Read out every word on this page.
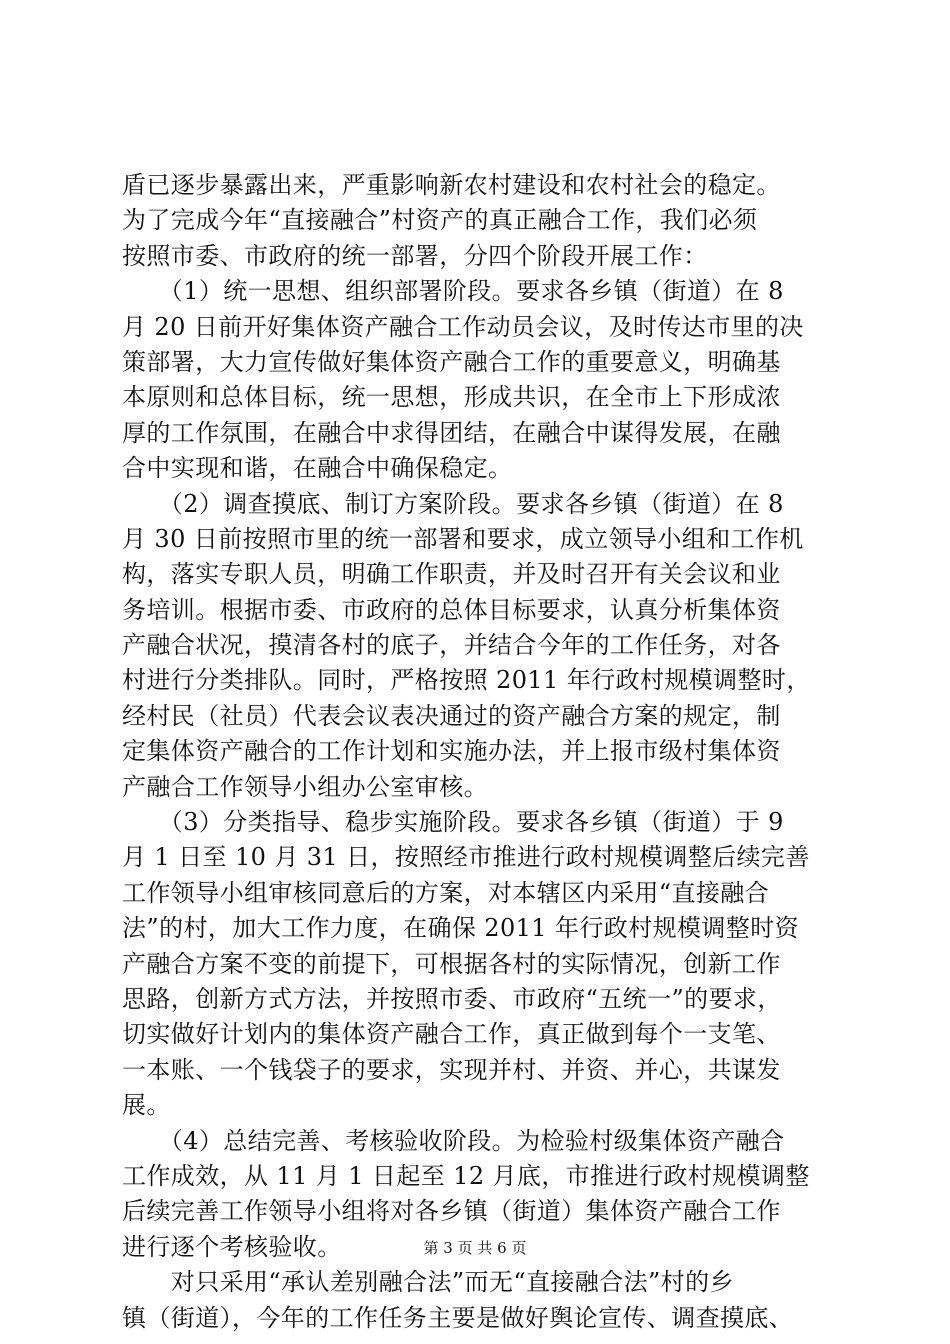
盾已逐步暴露出来，严重影响新农村建设和农村社会的稳定。
为了完成今年“直接融合”村资产的真正融合工作，我们必须
按照市委、市政府的统一部署，分四个阶段开展工作：
　　（1）统一思想、组织部署阶段。要求各乡镇（街道）在 8
月 20 日前开好集体资产融合工作动员会议，及时传达市里的决
策部署，大力宣传做好集体资产融合工作的重要意义，明确基
本原则和总体目标，统一思想，形成共识，在全市上下形成浓
厚的工作氛围，在融合中求得团结，在融合中谋得发展，在融
合中实现和谐，在融合中确保稳定。
　　（2）调查摸底、制订方案阶段。要求各乡镇（街道）在 8
月 30 日前按照市里的统一部署和要求，成立领导小组和工作机
构，落实专职人员，明确工作职责，并及时召开有关会议和业
务培训。根据市委、市政府的总体目标要求，认真分析集体资
产融合状况，摸清各村的底子，并结合今年的工作任务，对各
村进行分类排队。同时，严格按照 2011 年行政村规模调整时，
经村民（社员）代表会议表决通过的资产融合方案的规定，制
定集体资产融合的工作计划和实施办法，并上报市级村集体资
产融合工作领导小组办公室审核。
　　（3）分类指导、稳步实施阶段。要求各乡镇（街道）于 9
月 1 日至 10 月 31 日，按照经市推进行政村规模调整后续完善
工作领导小组审核同意后的方案，对本辖区内采用“直接融合
法”的村，加大工作力度，在确保 2011 年行政村规模调整时资
产融合方案不变的前提下，可根据各村的实际情况，创新工作
思路，创新方式方法，并按照市委、市政府“五统一”的要求，
切实做好计划内的集体资产融合工作，真正做到每个一支笔、
一本账、一个钱袋子的要求，实现并村、并资、并心，共谋发
展。
　　（4）总结完善、考核验收阶段。为检验村级集体资产融合
工作成效，从 11 月 1 日起至 12 月底，市推进行政村规模调整
后续完善工作领导小组将对各乡镇（街道）集体资产融合工作
进行逐个考核验收。
　　对只采用“承认差别融合法”而无“直接融合法”村的乡
镇（街道），今年的工作任务主要是做好舆论宣传、调查摸底、
第 3 页 共 6 页
